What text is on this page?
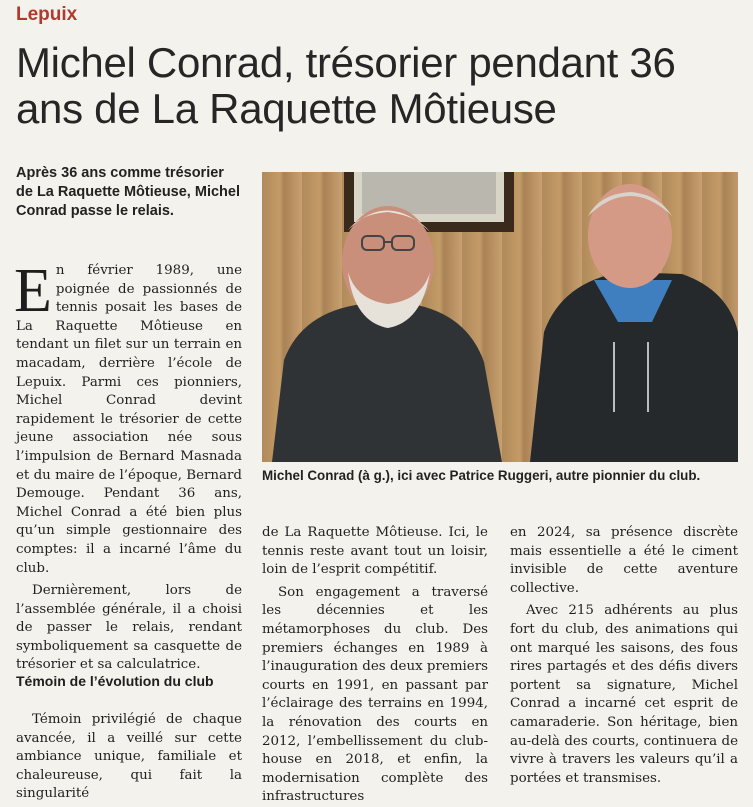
Lepuix
Michel Conrad, trésorier pendant 36 ans de La Raquette Môtieuse
Après 36 ans comme trésorier de La Raquette Môtieuse, Michel Conrad passe le relais.

E n février 1989, une poignée de passionnés de tennis posait les bases de La Raquette Môtieuse en tendant un filet sur un terrain en macadam, derrière l’école de Lepuix. Parmi ces pionniers, Michel Conrad devint rapidement le trésorier de cette jeune association née sous l’impulsion de Bernard Masnada et du maire de l’époque, Bernard Demouge. Pendant 36 ans, Michel Conrad a été bien plus qu’un simple gestionnaire des comptes: il a incarné l’âme du club.

Dernièrement, lors de l’assemblée générale, il a choisi de passer le relais, rendant symboliquement sa casquette de trésorier et sa calculatrice.

Témoin de l’évolution du club

Témoin privilégié de chaque avancée, il a veillé sur cette ambiance unique, familiale et chaleureuse, qui fait la singularité

Michel Conrad (à g.), ici avec Patrice Ruggeri, autre pionnier du club.

de La Raquette Môtieuse. Ici, le tennis reste avant tout un loisir, loin de l’esprit compétitif.

Son engagement a traversé les décennies et les métamorphoses du club. Des premiers échanges en 1989 à l’inauguration des deux premiers courts en 1991, en passant par l’éclairage des terrains en 1994, la rénovation des courts en 2012, l’embellissement du club-house en 2018, et enfin, la modernisation complète des infrastructures

en 2024, sa présence discrète mais essentielle a été le ciment invisible de cette aventure collective.

Avec 215 adhérents au plus fort du club, des animations qui ont marqué les saisons, des fous rires partagés et des défis divers portent sa signature, Michel Conrad a incarné cet esprit de camaraderie. Son héritage, bien au-delà des courts, continuera de vivre à travers les valeurs qu’il a portées et transmises.
